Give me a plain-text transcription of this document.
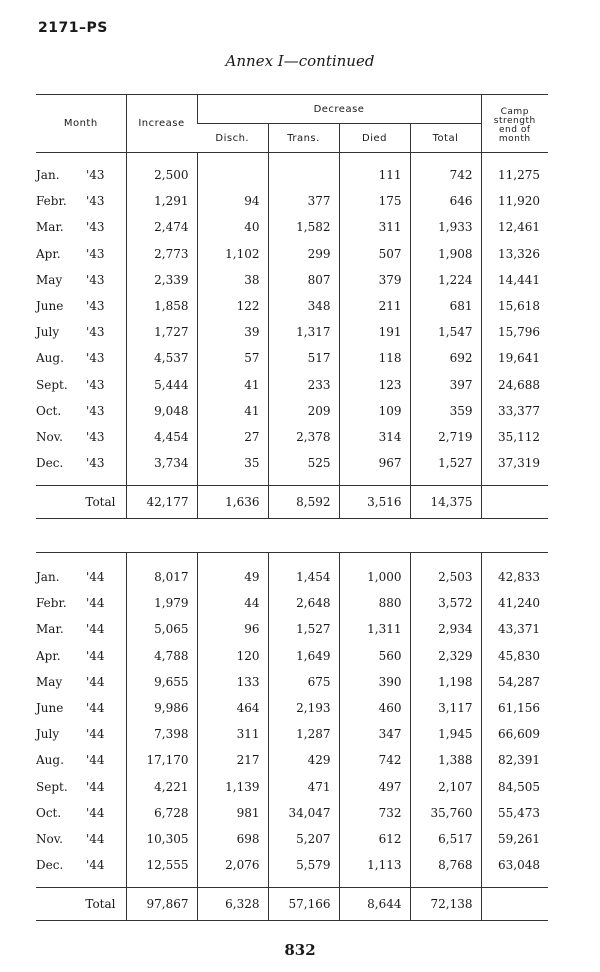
2171–PS
Annex I—continued
Month	Increase	Decrease				Camp
strength
end of
month

		Disch.	Trans.	Died	Total	

Jan. '43	2,500			111	742	11,275
Febr. '43	1,291	94	377	175	646	11,920
Mar. '43	2,474	40	1,582	311	1,933	12,461
Apr. '43	2,773	1,102	299	507	1,908	13,326
May '43	2,339	38	807	379	1,224	14,441
June '43	1,858	122	348	211	681	15,618
July '43	1,727	39	1,317	191	1,547	15,796
Aug. '43	4,537	57	517	118	692	19,641
Sept. '43	5,444	41	233	123	397	24,688
Oct. '43	9,048	41	209	109	359	33,377
Nov. '43	4,454	27	2,378	314	2,719	35,112
Dec. '43	3,734	35	525	967	1,527	37,319

Total	42,177	1,636	8,592	3,516	14,375	

Jan. '44	8,017	49	1,454	1,000	2,503	42,833
Febr. '44	1,979	44	2,648	880	3,572	41,240
Mar. '44	5,065	96	1,527	1,311	2,934	43,371
Apr. '44	4,788	120	1,649	560	2,329	45,830
May '44	9,655	133	675	390	1,198	54,287
June '44	9,986	464	2,193	460	3,117	61,156
July '44	7,398	311	1,287	347	1,945	66,609
Aug. '44	17,170	217	429	742	1,388	82,391
Sept. '44	4,221	1,139	471	497	2,107	84,505
Oct. '44	6,728	981	34,047	732	35,760	55,473
Nov. '44	10,305	698	5,207	612	6,517	59,261
Dec. '44	12,555	2,076	5,579	1,113	8,768	63,048

Total	97,867	6,328	57,166	8,644	72,138	
832
